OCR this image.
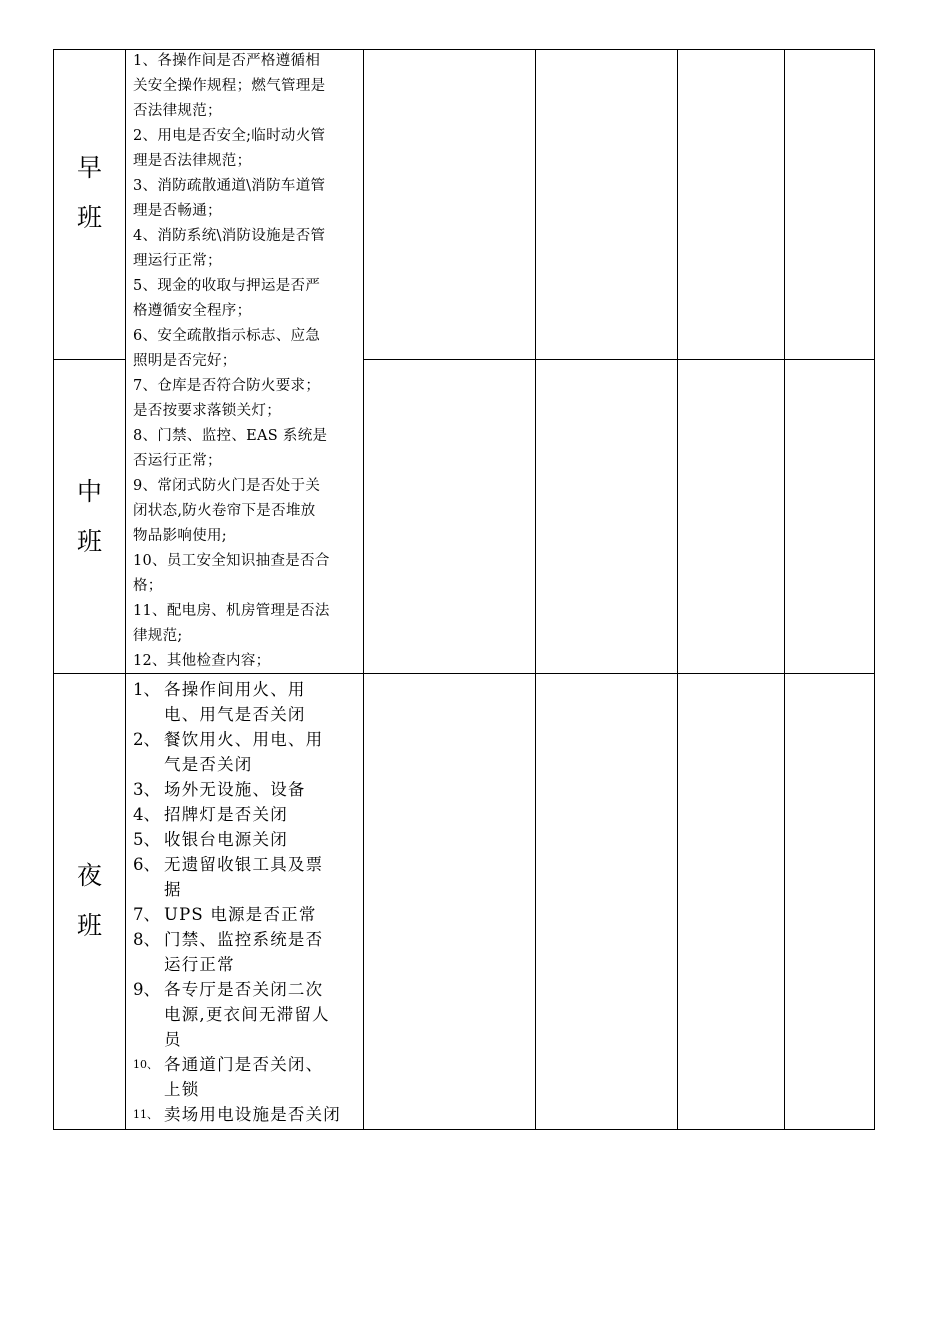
早
班
中
班
夜
班
1、各操作间是否严格遵循相
关安全操作规程；燃气管理是
否法律规范；
2、用电是否安全;临时动火管
理是否法律规范；
3、消防疏散通道\消防车道管
理是否畅通；
4、消防系统\消防设施是否管
理运行正常；
5、现金的收取与押运是否严
格遵循安全程序；
6、安全疏散指示标志、应急
照明是否完好；
7、仓库是否符合防火要求；
是否按要求落锁关灯；
8、门禁、监控、EAS 系统是
否运行正常；
9、常闭式防火门是否处于关
闭状态,防火卷帘下是否堆放
物品影响使用;
10、员工安全知识抽查是否合
格；
11、配电房、机房管理是否法
律规范;
12、其他检查内容；
1、 各操作间用火、用
电、用气是否关闭
2、 餐饮用火、用电、用
气是否关闭
3、 场外无设施、设备
4、 招牌灯是否关闭
5、 收银台电源关闭
6、 无遗留收银工具及票
据
7、 UPS 电源是否正常
8、 门禁、监控系统是否
运行正常
9、 各专厅是否关闭二次
电源,更衣间无滞留人
员
10、 各通道门是否关闭、
上锁
11、 卖场用电设施是否关闭
